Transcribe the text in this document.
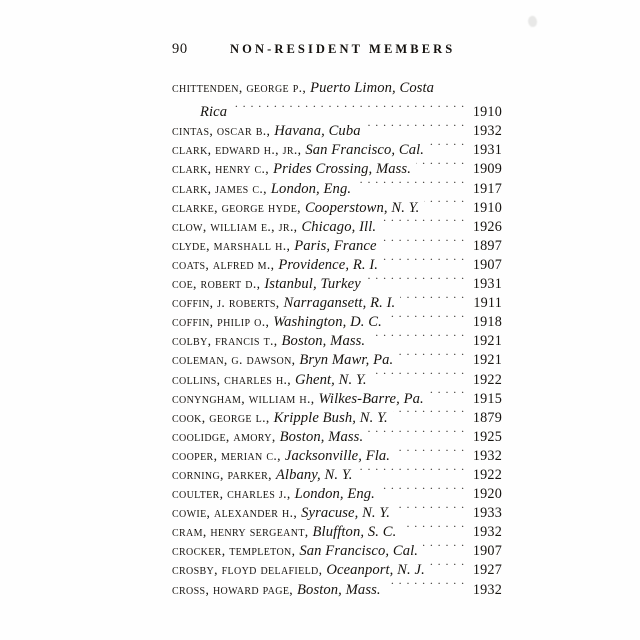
90	NON-RESIDENT MEMBERS
chittenden, george p., Puerto Limon, Costa
Rica . . .	1910
cintas, oscar b., Havana, Cuba . . .	1932
clark, edward h., jr., San Francisco, Cal. . . .	1931
clark, henry c., Prides Crossing, Mass. . . .	1909
clark, james c., London, Eng. . . .	1917
clarke, george hyde, Cooperstown, N. Y. . . .	1910
clow, william e., jr., Chicago, Ill. . . .	1926
clyde, marshall h., Paris, France . . .	1897
coats, alfred m., Providence, R. I. . . .	1907
coe, robert d., Istanbul, Turkey . . .	1931
coffin, j. roberts, Narragansett, R. I. . . .	1911
coffin, philip o., Washington, D. C. . . .	1918
colby, francis t., Boston, Mass. . . .	1921
coleman, g. dawson, Bryn Mawr, Pa. . . .	1921
collins, charles h., Ghent, N. Y. . . .	1922
conyngham, william h., Wilkes-Barre, Pa. . . .	1915
cook, george l., Kripple Bush, N. Y. . . .	1879
coolidge, amory, Boston, Mass. . . .	1925
cooper, merian c., Jacksonville, Fla. . . .	1932
corning, parker, Albany, N. Y. . . .	1922
coulter, charles j., London, Eng. . . .	1920
cowie, alexander h., Syracuse, N. Y. . . .	1933
cram, henry sergeant, Bluffton, S. C. . . .	1932
crocker, templeton, San Francisco, Cal. . . .	1907
crosby, floyd delafield, Oceanport, N. J. . . .	1927
cross, howard page, Boston, Mass. . . .	1932
